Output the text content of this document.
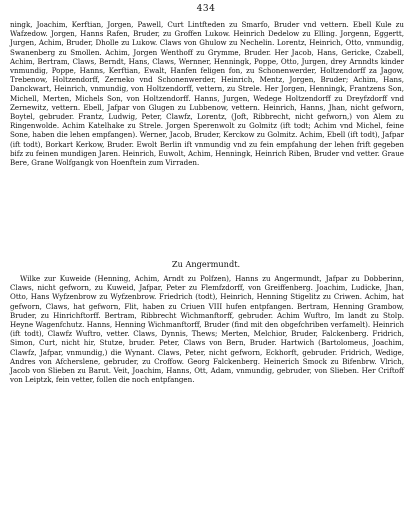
434
ningk, Joachim, Kerftian, Jorgen, Pawell, Curt Lintfteden zu Smarfo, Bruder vnd vettern. Ebell Kule zu Wafzedow. Jorgen, Hanns Rafen, Bruder, zu Groffen Lukow. Heinrich Dedelow zu Elling. Jorgenn, Eggertt, Jurgen, Achim, Bruder, Dholle zu Lukow. Claws von Ghulow zu Nechelin. Lorentz, Heinrich, Otto, vnmundig, Swanenberg zu Smollen. Achim, Jorgen Wenthoff zu Grymme, Bruder. Her Jacob, Hans, Gericke, Czabell, Achim, Bertram, Claws, Berndt, Hans, Claws, Wernner, Henningk, Poppe, Otto, Jurgen, drey Arnndts kinder vnmundig, Poppe, Hanns, Kerftian, Ewalt, Hanfen feligen fon, zu Schonenwerder, Holtzendorff za Jagow, Trebenow, Holtzendorff, Zerneko vnd Schonenwerder, Heinrich, Mentz, Jorgen, Bruder; Achim, Hans, Danckwart, Heinrich, vnmundig, von Holtzendorff, vettern, zu Strele. Her Jorgen, Henningk, Frantzens Son, Michell, Merten, Michels Son, von Holtzendorff. Hanns, Jurgen, Wedege Holtzendorff zu Dreyfzdorff vnd Zernewitz, vettern. Ebell, Jafpar von Glugen zu Lubbenow, vettern. Heinrich, Hanns, Jhan, nicht gefworn, Boytel, gebruder. Frantz, Ludwig, Peter, Clawfz, Lorentz, (Joft, Ribbrecht, nicht gefworn,) von Alem zu Ringenwolde. Achim Katelhake zu Strele. Jorgen Sperenwolt zu Golmitz (ift todt; Achim vnd Michel, feine Sone, haben die lehen empfangen). Werner, Jacob, Bruder, Kerckow zu Golmitz. Achim, Ebell (ift todt), Jafpar (ift todt), Borkart Kerkow, Bruder. Ewolt Berlin ift vnmundig vnd zu fein empfahung der lehen frift gegeben bifz zu feinen mundigen Jaren. Heinrich, Euwolt, Achim, Henningk, Heinrich Riben, Bruder vnd vetter. Graue Bere, Grane Wolfgangk von Hoenftein zum Virraden.
Zu Angermundt.
Wilke zur Kuweide (Henning, Achim, Arndt zu Polfzen), Hanns zu Angermundt, Jafpar zu Dobberinn, Claws, nicht gefworn, zu Kuweid, Jafpar, Peter zu Flemfzdorff, von Greiffenberg. Joachim, Ludicke, Jhan, Otto, Hans Wyfzenbrow zu Wyfzenbrow. Friedrich (todt), Heinrich, Henning Stigelitz zu Criwen. Achim, hat gefworn, Claws, hat gefworn, Flit, haben zu Criuen VIII hufen entpfangen. Bertram, Henning Grambow, Bruder, zu Hinrichftorff. Bertram, Ribbrecht Wichmanftorff, gebruder. Achim Wuftro, Im landt zu Stolp. Heyne Wagenfchutz. Hanns, Henning Wichmanftorff, Bruder (find mit den obgefchriben verfamelt). Heinrich (ift todt), Clawfz Wuftro, vetter. Claws, Dynnis, Thews; Merten, Melchior, Bruder, Falckenberg. Fridrich, Simon, Curt, nicht hir, Stutze, bruder. Peter, Claws von Bern, Bruder. Hartwich (Bartolomeus, Joachim, Clawfz, Jafpar, vnmundig,) die Wynant. Claws, Peter, nicht gefworn, Eckhorft, gebruder. Fridrich, Wedige, Andres von Afcherslene, gebruder, zu Croffow. Georg Falckenberg. Heinerich Smock zu Bifenbrw. Vlrich, Jacob von Slieben zu Barut. Veit, Joachim, Hanns, Ott, Adam, vnmundig, gebruder, von Slieben. Her Criftoff von Leiptzk, fein vetter, follen die noch entpfangen.
